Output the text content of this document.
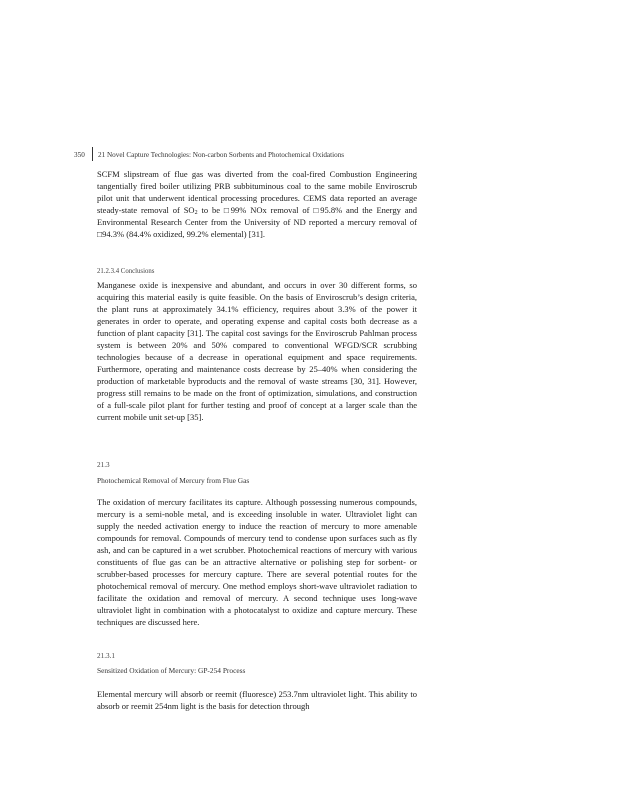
350 21 Novel Capture Technologies: Non-carbon Sorbents and Photochemical Oxidations
SCFM slipstream of flue gas was diverted from the coal-fired Combustion Engineering tangentially fired boiler utilizing PRB subbituminous coal to the same mobile Enviroscrub pilot unit that underwent identical processing procedures. CEMS data reported an average steady-state removal of $SO_2$ to be □99% NOx removal of □95.8% and the Energy and Environmental Research Center from the University of ND reported a mercury removal of □94.3% (84.4% oxidized, 99.2% elemental) [31].
21.2.3.4 Conclusions
Manganese oxide is inexpensive and abundant, and occurs in over 30 different forms, so acquiring this material easily is quite feasible. On the basis of Enviroscrub’s design criteria, the plant runs at approximately 34.1% efficiency, requires about 3.3% of the power it generates in order to operate, and operating expense and capital costs both decrease as a function of plant capacity [31]. The capital cost savings for the Enviroscrub Pahlman process system is between 20% and 50% compared to conventional WFGD/SCR scrubbing technologies because of a decrease in operational equipment and space requirements. Furthermore, operating and maintenance costs decrease by 25–40% when considering the production of marketable byproducts and the removal of waste streams [30, 31]. However, progress still remains to be made on the front of optimization, simulations, and construction of a full-scale pilot plant for further testing and proof of concept at a larger scale than the current mobile unit set-up [35].
21.3
Photochemical Removal of Mercury from Flue Gas
The oxidation of mercury facilitates its capture. Although possessing numerous compounds, mercury is a semi-noble metal, and is exceeding insoluble in water. Ultraviolet light can supply the needed activation energy to induce the reaction of mercury to more amenable compounds for removal. Compounds of mercury tend to condense upon surfaces such as fly ash, and can be captured in a wet scrubber. Photochemical reactions of mercury with various constituents of flue gas can be an attractive alternative or polishing step for sorbent- or scrubber-based processes for mercury capture. There are several potential routes for the photochemical removal of mercury. One method employs short-wave ultraviolet radiation to facilitate the oxidation and removal of mercury. A second technique uses long-wave ultraviolet light in combination with a photocatalyst to oxidize and capture mercury. These techniques are discussed here.
21.3.1
Sensitized Oxidation of Mercury: GP-254 Process
Elemental mercury will absorb or reemit (fluoresce) 253.7nm ultraviolet light. This ability to absorb or reemit 254nm light is the basis for detection through
